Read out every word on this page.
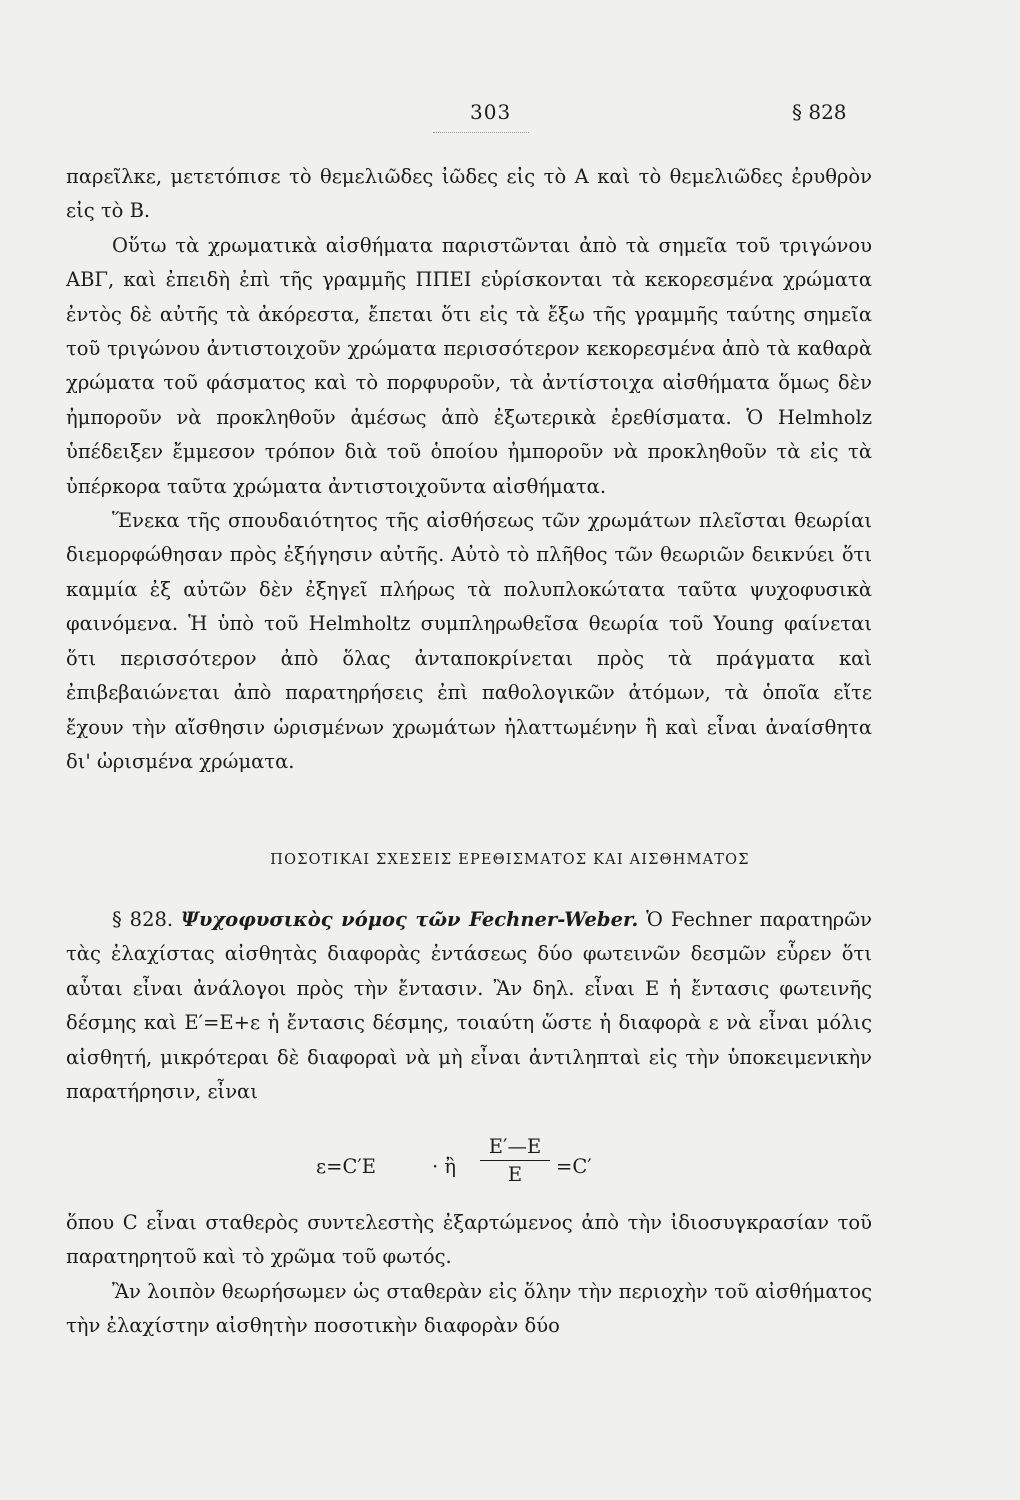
303	§ 828

παρεῖλκε, μετετόπισε τὸ θεμελιῶδες ἰῶδες εἰς τὸ Α καὶ τὸ θεμελιῶδες ἐρυθρὸν εἰς τὸ Β.

Οὕτω τὰ χρωματικὰ αἰσθήματα παριστῶνται ἀπὸ τὰ σημεῖα τοῦ τριγώνου ΑΒΓ, καὶ ἐπειδὴ ἐπὶ τῆς γραμμῆς ΠΠΕΙ εὑρίσκονται τὰ κεκορεσμένα χρώματα ἐντὸς δὲ αὐτῆς τὰ ἀκόρεστα, ἔπεται ὅτι εἰς τὰ ἔξω τῆς γραμμῆς ταύτης σημεῖα τοῦ τριγώνου ἀντιστοιχοῦν χρώματα περισσότερον κεκορεσμένα ἀπὸ τὰ καθαρὰ χρώματα τοῦ φάσματος καὶ τὸ πορφυροῦν, τὰ ἀντίστοιχα αἰσθήματα ὅμως δὲν ἠμποροῦν νὰ προκληθοῦν ἀμέσως ἀπὸ ἐξωτερικὰ ἐρεθίσματα. Ὁ Helmholz ὑπέδειξεν ἔμμεσον τρόπον διὰ τοῦ ὁποίου ἠμποροῦν νὰ προκληθοῦν τὰ εἰς τὰ ὑπέρκορα ταῦτα χρώματα ἀντιστοιχοῦντα αἰσθήματα.

Ἕνεκα τῆς σπουδαιότητος τῆς αἰσθήσεως τῶν χρωμάτων πλεῖσται θεωρίαι διεμορφώθησαν πρὸς ἐξήγησιν αὐτῆς. Αὐτὸ τὸ πλῆθος τῶν θεωριῶν δεικνύει ὅτι καμμία ἐξ αὐτῶν δὲν ἐξηγεῖ πλήρως τὰ πολυπλοκώτατα ταῦτα ψυχοφυσικὰ φαινόμενα. Ἡ ὑπὸ τοῦ Helmholtz συμπληρωθεῖσα θεωρία τοῦ Young φαίνεται ὅτι περισσότερον ἀπὸ ὅλας ἀνταποκρίνεται πρὸς τὰ πράγματα καὶ ἐπιβεβαιώνεται ἀπὸ παρατηρήσεις ἐπὶ παθολογικῶν ἀτόμων, τὰ ὁποῖα εἴτε ἔχουν τὴν αἴσθησιν ὡρισμένων χρωμάτων ἠλαττωμένην ἢ καὶ εἶναι ἀναίσθητα δι' ὡρισμένα χρώματα.

ΠΟΣΟΤΙΚΑΙ ΣΧΕΣΕΙΣ ΕΡΕΘΙΣΜΑΤΟΣ ΚΑΙ ΑΙΣΘΗΜΑΤΟΣ

§ 828. Ψυχοφυσικὸς νόμος τῶν Fechner-Weber. Ὁ Fechner παρατηρῶν τὰς ἐλαχίστας αἰσθητὰς διαφορὰς ἐντάσεως δύο φωτεινῶν δεσμῶν εὗρεν ὅτι αὗται εἶναι ἀνάλογοι πρὸς τὴν ἔντασιν. Ἂν δηλ. εἶναι Ε ἡ ἔντασις φωτεινῆς δέσμης καὶ Ε′=Ε+ε ἡ ἔντασις δέσμης, τοιαύτη ὥστε ἡ διαφορὰ ε νὰ εἶναι μόλις αἰσθητή, μικρότεραι δὲ διαφοραὶ νὰ μὴ εἶναι ἀντιληπταὶ εἰς τὴν ὑποκειμενικὴν παρατήρησιν, εἶναι

ε=C′E	· ἢ $\frac{E'—E}{E} =C'$

ὅπου C εἶναι σταθερὸς συντελεστὴς ἐξαρτώμενος ἀπὸ τὴν ἰδιοσυγκρασίαν τοῦ παρατηρητοῦ καὶ τὸ χρῶμα τοῦ φωτός.

Ἂν λοιπὸν θεωρήσωμεν ὡς σταθερὰν εἰς ὅλην τὴν περιοχὴν τοῦ αἰσθήματος τὴν ἐλαχίστην αἰσθητὴν ποσοτικὴν διαφορὰν δύο
